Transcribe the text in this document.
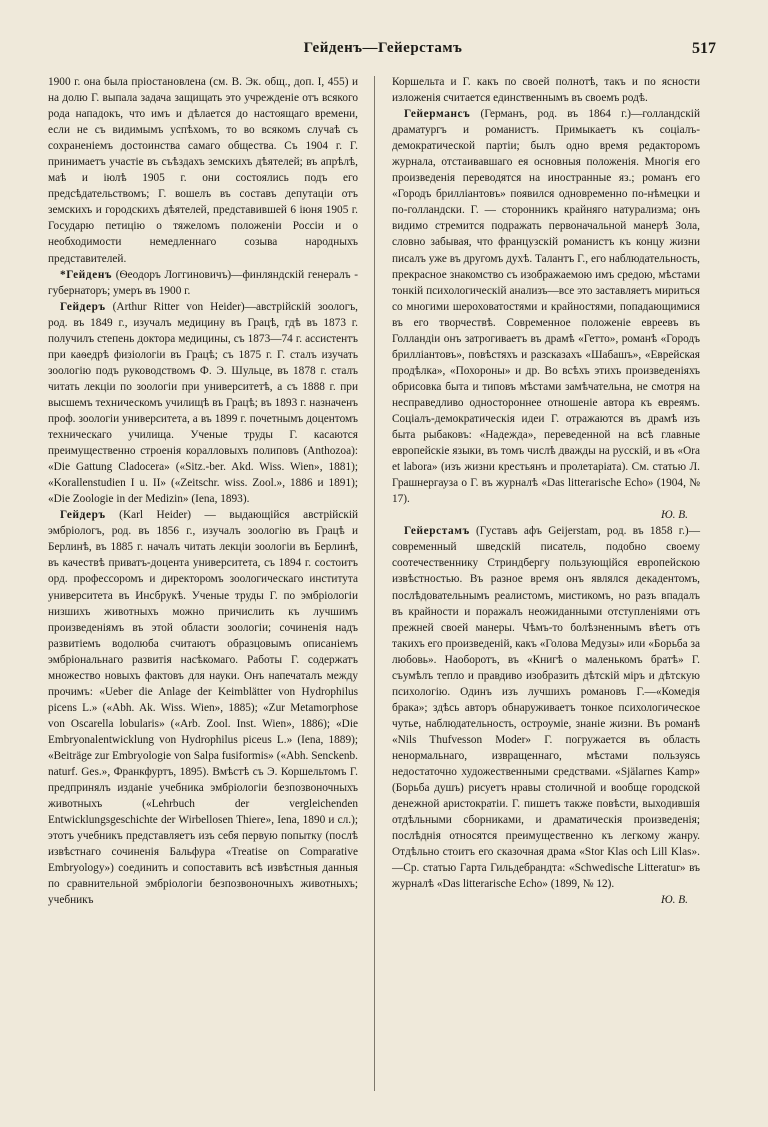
Гейденъ—Гейерстамъ	517

1900 г. она была пріостановлена (см. В. Эк. общ., доп. I, 455) и на долю Г. выпала задача защищать это учрежденіе отъ всякого рода нападокъ, что имъ и дѣлается до настоящаго времени, если не съ видимымъ успѣхомъ, то во всякомъ случаѣ съ сохраненіемъ достоинства самаго общества. Съ 1904 г. Г. принимаетъ участіе въ съѣздахъ земскихъ дѣятелей; въ апрѣлѣ, маѣ и іюлѣ 1905 г. они состоялись подъ его предсѣдательствомъ; Г. вошелъ въ составъ депутаціи отъ земскихъ и городскихъ дѣятелей, представившей 6 іюня 1905 г. Государю петицію о тяжеломъ положеніи Россіи и о необходимости немедленнаго созыва народныхъ представителей.

*Гейденъ (Ѳеодоръ Логгиновичъ)—финляндскій генералъ - губернаторъ; умеръ въ 1900 г.

Гейдеръ (Arthur Ritter von Heider)—австрійскій зоологъ, род. въ 1849 г., изучалъ медицину въ Грацѣ, гдѣ въ 1873 г. получилъ степень доктора медицины, съ 1873—74 г. ассистентъ при каѳедрѣ физіологіи въ Грацѣ; съ 1875 г. Г. сталъ изучать зоологію подъ руководствомъ Ф. Э. Шульце, въ 1878 г. сталъ читать лекціи по зоологіи при университетѣ, а съ 1888 г. при высшемъ техническомъ училищѣ въ Грацѣ; въ 1893 г. назначенъ проф. зоологіи университета, а въ 1899 г. почетнымъ доцентомъ техническаго училища. Ученые труды Г. касаются преимущественно строенія коралловыхъ полиповъ (Anthozoa): «Die Gattung Cladocera» («Sitz.-ber. Akd. Wiss. Wien», 1881); «Korallenstudien I u. II» («Zeitschr. wiss. Zool.», 1886 и 1891); «Die Zoologie in der Medizin» (Iena, 1893).

Гейдеръ (Karl Heider) — выдающійся австрійскій эмбріологъ, род. въ 1856 г., изучалъ зоологію въ Грацѣ и Берлинѣ, въ 1885 г. началъ читать лекціи зоологіи въ Берлинѣ, въ качествѣ приватъ-доцента университета, съ 1894 г. состоитъ орд. профессоромъ и директоромъ зоологическаго института университета въ Инсбрукѣ. Ученые труды Г. по эмбріологіи низшихъ животныхъ можно причислить къ лучшимъ произведеніямъ въ этой области зоологіи; сочиненія надъ развитіемъ водолюба считаютъ образцовымъ описаніемъ эмбріональнаго развитія насѣкомаго. Работы Г. содержатъ множество новыхъ фактовъ для науки. Онъ напечаталъ между прочимъ: «Ueber die Anlage der Keimblätter von Hydrophilus picens L.» («Abh. Ak. Wiss. Wien», 1885); «Zur Metamorphose von Oscarella lobularis» («Arb. Zool. Inst. Wien», 1886); «Die Embryonalentwicklung von Hydrophilus piceus L.» (Iena, 1889); «Beiträge zur Embryologie von Salpa fusiformis» («Abh. Senckenb. naturf. Ges.», Франкфуртъ, 1895). Вмѣстѣ съ Э. Коршельтомъ Г. предпринялъ изданіе учебника эмбріологіи безпозвоночныхъ животныхъ («Lehrbuch der vergleichenden Entwicklungsgeschichte der Wirbellosen Thiere», Iena, 1890 и сл.); этотъ учебникъ представляетъ изъ себя первую попытку (послѣ извѣстнаго сочиненія Бальфура «Treatise on Comparative Embryology») соединить и сопоставить всѣ извѣстныя данныя по сравнительной эмбріологіи безпозвоночныхъ животныхъ; учебникъ

Коршельта и Г. какъ по своей полнотѣ, такъ и по ясности изложенія считается единственнымъ въ своемъ родѣ.

Гейерманcъ (Германъ, род. въ 1864 г.)—голландскій драматургъ и романистъ. Примыкаетъ къ соціалъ-демократической партіи; былъ одно время редакторомъ журнала, отстаивавшаго ея основныя положенія. Многія его произведенія переводятся на иностранные яз.; романъ его «Городъ бриллiантовъ» появился одновременно по-нѣмецки и по-голландски. Г. — сторонникъ крайняго натурализма; онъ видимо стремится подражать первоначальной манерѣ Зола, словно забывая, что французскій романистъ къ концу жизни писалъ уже въ другомъ духѣ. Талантъ Г., его наблюдательность, прекрасное знакомство съ изображаемою имъ средою, мѣстами тонкій психологическій анализъ—все это заставляетъ мириться со многими шероховатостями и крайностями, попадающимися въ его творчествѣ. Современное положеніе евреевъ въ Голландіи онъ затрогиваетъ въ драмѣ «Гетто», романѣ «Городъ бриллiантовъ», повѣстяхъ и разсказахъ «Шабашъ», «Еврейская продѣлка», «Похороны» и др. Во всѣхъ этихъ произведеніяхъ обрисовка быта и типовъ мѣстами замѣчательна, не смотря на несправедливо одностороннее отношеніе автора къ евреямъ. Соціалъ-демократическія идеи Г. отражаются въ драмѣ изъ быта рыбаковъ: «Надежда», переведенной на всѣ главные европейскіе языки, въ томъ числѣ дважды на русскій, и въ «Ora et labora» (изъ жизни крестьянъ и пролетаріата). См. статью Л. Грашнергауза о Г. въ журналѣ «Das litterarische Echo» (1904, № 17).
Ю. В.

Гейерстамъ (Густавъ афъ Geijerstam, род. въ 1858 г.)—современный шведскій писатель, подобно своему соотечественнику Стриндбергу пользующійся европейскою извѣстностью. Въ разное время онъ являлся декадентомъ, послѣдовательнымъ реалистомъ, мистикомъ, но разъ впадалъ въ крайности и поражалъ неожиданными отступленіями отъ прежней своей манеры. Чѣмъ-то болѣзненнымъ вѣетъ отъ такихъ его произведеній, какъ «Голова Медузы» или «Борьба за любовь». Наоборотъ, въ «Книгѣ о маленькомъ братѣ» Г. съумѣлъ тепло и правдиво изобразить дѣтскій міръ и дѣтскую психологію. Одинъ изъ лучшихъ романовъ Г.—«Комедія брака»; здѣсь авторъ обнаруживаетъ тонкое психологическое чутье, наблюдательность, остроуміе, знаніе жизни. Въ романѣ «Nils Thufvesson Moder» Г. погружается въ область ненормальнаго, извращеннаго, мѣстами пользуясь недостаточно художественными средствами. «Själarnes Kamp» (Борьба душъ) рисуетъ нравы столичной и вообще городской денежной аристократіи. Г. пишетъ также повѣсти, выходившія отдѣльными сборниками, и драматическія произведенія; послѣднія относятся преимущественно къ легкому жанру. Отдѣльно стоитъ его сказочная драма «Stor Klas och Lill Klas».—Ср. статью Гарта Гильдебрандта: «Schwedische Litteratur» въ журналѣ «Das litterarische Echo» (1899, № 12).
Ю. В.
